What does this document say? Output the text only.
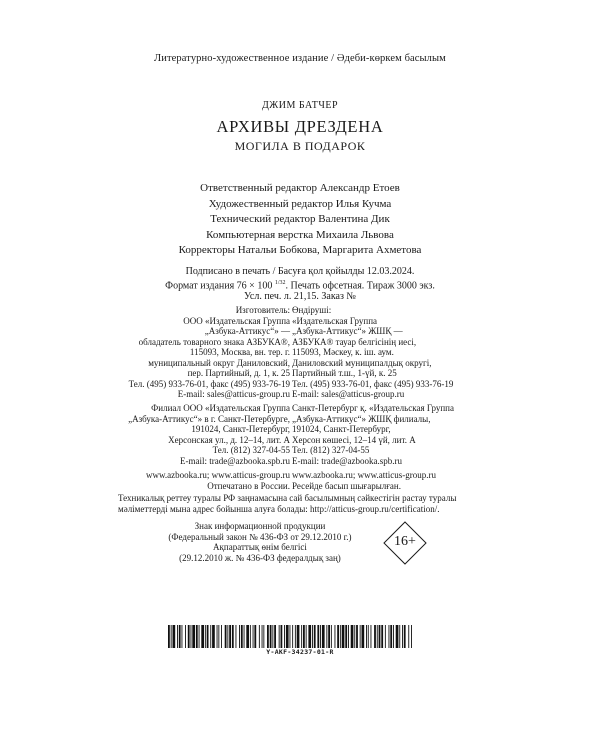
Литературно-художественное издание / Әдеби-көркем басылым
ДЖИМ БАТЧЕР
АРХИВЫ ДРЕЗДЕНА
МОГИЛА В ПОДАРОК
Ответственный редактор Александр Етоев
Художественный редактор Илья Кучма
Технический редактор Валентина Дик
Компьютерная верстка Михаила Львова
Корректоры Натальи Бобкова, Маргарита Ахметова
Подписано в печать / Басуға қол қойылды 12.03.2024.
Формат издания 76 × 100 $^{1/32}$. Печать офсетная. Тираж 3000 экз.
Усл. печ. л. 21,15. Заказ №
Изготовитель:
ООО «Издательская Группа
„Азбука-Аттикус“» —
обладатель товарного знака АЗБУКА®,
115093, Москва, вн. тер. г.
муниципальный округ Даниловский,
пер. Партийный, д. 1, к. 25
Тел. (495) 933-76-01, факс (495) 933-76-19
E-mail: sales@atticus-group.ru
Өндіруші:
«Издательская Группа
„Азбука-Аттикус“» ЖШҚ —
АЗБУКА® тауар белгісінің иесі,
115093, Мәскеу, к. іш. аум.
Даниловский муниципалдық округі,
Партийный т.ш., 1-үй, к. 25
Тел. (495) 933-76-01, факс (495) 933-76-19
E-mail: sales@atticus-group.ru
Филиал ООО «Издательская Группа
„Азбука-Аттикус“» в г. Санкт-Петербурге,
191024, Санкт-Петербург,
Херсонская ул., д. 12–14, лит. А
Тел. (812) 327-04-55
E-mail: trade@azbooka.spb.ru
Санкт-Петербург қ. «Издательская Группа
„Азбука-Аттикус“» ЖШҚ филиалы,
191024, Санкт-Петербург,
Херсон көшесі, 12–14 үй, лит. А
Тел. (812) 327-04-55
E-mail: trade@azbooka.spb.ru
www.azbooka.ru; www.atticus-group.ru
Отпечатано в России.
www.azbooka.ru; www.atticus-group.ru
Ресейде басып шығарылған.
Техникалық реттеу туралы РФ заңнамасына сай басылымның сәйкестігін растау туралы
мәліметтерді мына адрес бойынша алуға болады: http://atticus-group.ru/certification/.
Знак информационной продукции
(Федеральный закон № 436-ФЗ от 29.12.2010 г.)
Ақпараттық өнім белгісі
(29.12.2010 ж. № 436-ФЗ федералдық заң)
16+
Y-AKF-34237-01-R
